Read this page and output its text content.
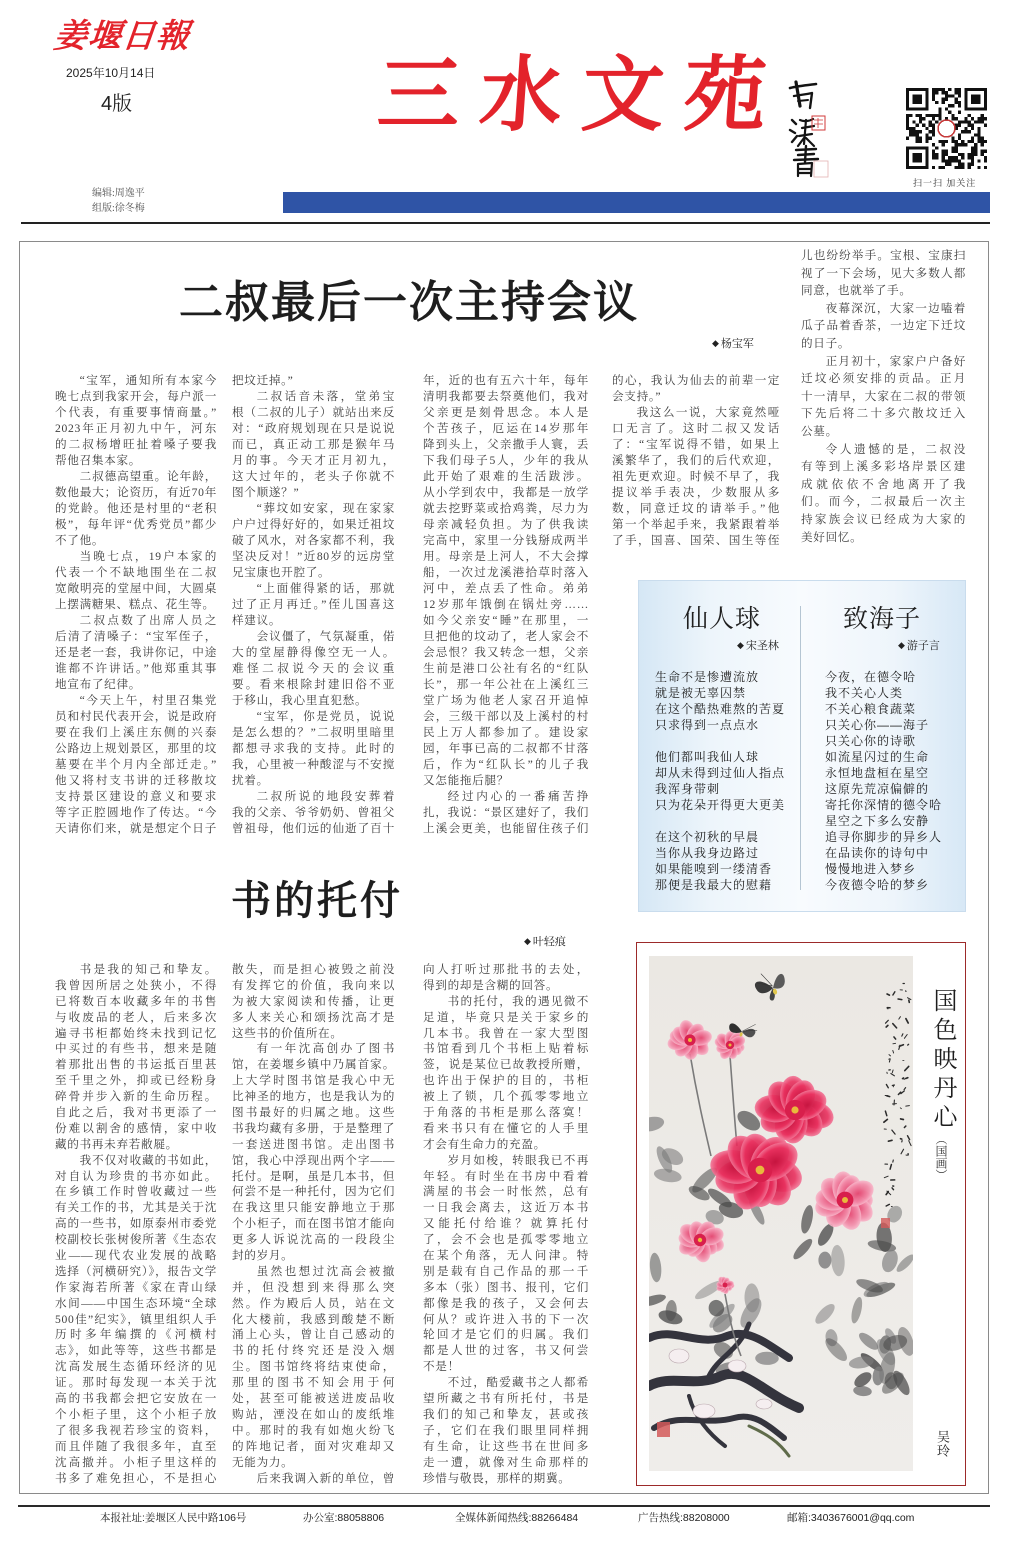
姜堰日報
2025年10月14日
4版	三水文苑
扫一扫 加关注
编辑:周逸平
组版:徐冬梅
二叔最后一次主持会议
◆ 杨宝军
“宝军，通知所有本家今
晚七点到我家开会，每户派一
个代表，有重要事情商量。”
2023年正月初九中午，河东
的二叔杨增旺扯着嗓子要我
帮他召集本家。
二叔德高望重。论年龄，
数他最大；论资历，有近70年
的党龄。他还是村里的“老积
极”，每年评“优秀党员”都少
不了他。
当晚七点，19户本家的
代表一个不缺地围坐在二叔
宽敞明亮的堂屋中间，大圆桌
上摆满糖果、糕点、花生等。
二叔点数了出席人员之
后清了清嗓子：“宝军侄子，
还是老一套，我讲你记，中途
谁都不许讲话。”他郑重其事
地宣布了纪律。
“今天上午，村里召集党
员和村民代表开会，说是政府
要在我们上溪庄东侧的兴泰
公路边上规划景区，那里的坟
墓要在半个月内全部迁走。”
他又将村支书讲的迁移散坟
支持景区建设的意义和要求
等字正腔圆地作了传达。“今
天请你们来，就是想定个日子
把坟迁掉。”
二叔话音未落，堂弟宝
根（二叔的儿子）就站出来反
对：“政府规划现在只是说说
而已，真正动工那是猴年马
月的事。今天才正月初九，
这大过年的，老头子你就不
图个顺遂？”
“葬坟如安家，现在家家
户户过得好好的，如果迁祖坟
破了风水，对各家都不利，我
坚决反对！”近80岁的远房堂
兄宝康也开腔了。
“上面催得紧的话，那就
过了正月再迁。”侄儿国喜这
样建议。
会议僵了，气氛凝重，偌
大的堂屋静得像空无一人。
难怪二叔说今天的会议重
要。看来根除封建旧俗不亚
于移山，我心里直犯愁。
“宝军，你是党员，说说
是怎么想的？”二叔明里暗里
都想寻求我的支持。此时的
我，心里被一种酸涩与不安搅
扰着。
二叔所说的地段安葬着
我的父亲、爷爷奶奶、曾祖父
曾祖母，他们远的仙逝了百十
年，近的也有五六十年，每年
清明我都要去祭奠他们，我对
父亲更是刻骨思念。本人是
个苦孩子，厄运在14岁那年
降到头上，父亲撒手人寰，丢
下我们母子5人，少年的我从
此开始了艰难的生活跋涉。
从小学到农中，我都是一放学
就去挖野菜或拾鸡粪，尽力为
母亲减轻负担。为了供我读
完高中，家里一分钱掰成两半
用。母亲是上河人，不大会撑
船，一次过龙溪港拾草时落入
河中，差点丢了性命。弟弟
12岁那年饿倒在锅灶旁……
如今父亲安“睡”在那里，一
旦把他的坟动了，老人家会不
会忌恨？我又转念一想，父亲
生前是港口公社有名的“红队
长”，那一年公社在上溪红三
堂广场为他老人家召开追悼
会，三级干部以及上溪村的村
民上万人都参加了。建设家
园，年事已高的二叔都不甘落
后，作为“红队长”的儿子我
又怎能拖后腿？
经过内心的一番痛苦挣
扎，我说：“景区建好了，我们
上溪会更美，也能留住孩子们
的心，我认为仙去的前辈一定
会支持。”
我这么一说，大家竟然哑
口无言了。这时二叔又发话
了：“宝军说得不错，如果上
溪繁华了，我们的后代欢迎，
祖先更欢迎。时候不早了，我
提议举手表决，少数服从多
数，同意迁坟的请举手。”他
第一个举起手来，我紧跟着举
了手，国喜、国荣、国生等侄
儿也纷纷举手。宝根、宝康扫
视了一下会场，见大多数人都
同意，也就举了手。
夜幕深沉，大家一边嗑着
瓜子品着香茶，一边定下迁坟
的日子。
正月初十，家家户户备好
迁坟必须安排的贡品。正月
十一清早，大家在二叔的带领
下先后将二十多穴散坟迁入
公墓。
令人遗憾的是，二叔没
有等到上溪多彩垎岸景区建
成就依依不舍地离开了我
们。而今，二叔最后一次主
持家族会议已经成为大家的
美好回忆。
仙人球
◆ 宋圣林
生命不是惨遭流放
就是被无辜囚禁
在这个酷热难熬的苦夏
只求得到一点点水
他们都叫我仙人球
却从未得到过仙人指点
我浑身带刺
只为花朵开得更大更美
在这个初秋的早晨
当你从我身边路过
如果能嗅到一缕清香
那便是我最大的慰藉
致海子
◆ 游子言
今夜，在德令哈
我不关心人类
不关心粮食蔬菜
只关心你——海子
只关心你的诗歌
如流星闪过的生命
永恒地盘桓在星空
这原先荒凉偏僻的
寄托你深情的德令哈
星空之下多么安静
追寻你脚步的异乡人
在品读你的诗句中
慢慢地进入梦乡
今夜德令哈的梦乡
书的托付
◆ 叶轻痕
书是我的知己和挚友。
我曾因所居之处狭小，不得
已将数百本收藏多年的书售
与收废品的老人，后来多次
遍寻书柜都始终未找到记忆
中买过的有些书，想来是随
着那批出售的书运抵百里甚
至千里之外，抑或已经粉身
碎骨并步入新的生命历程。
自此之后，我对书更添了一
份难以割舍的感情，家中收
藏的书再未弃若敝屣。
我不仅对收藏的书如此，
对自认为珍贵的书亦如此。
在乡镇工作时曾收藏过一些
有关工作的书，尤其是关于沈
高的一些书，如原泰州市委党
校副校长张树俊所著《生态农
业——现代农业发展的战略
选择（河横研究）》，报告文学
作家海若所著《家在青山绿
水间——中国生态环境“全球
500佳”纪实》，镇里组织人手
历时多年编撰的《河横村
志》，如此等等，这些书都是
沈高发展生态循环经济的见
证。那时每发现一本关于沈
高的书我都会把它安放在一
个小柜子里，这个小柜子放
了很多我视若珍宝的资料，
而且伴随了我很多年，直至
沈高撤并。小柜子里这样的
书多了难免担心，不是担心
散失，而是担心被毁之前没
有发挥它的价值，我向来以
为被大家阅读和传播，让更
多人来关心和颂扬沈高才是
这些书的价值所在。
有一年沈高创办了图书
馆，在姜堰乡镇中乃属首家。
上大学时图书馆是我心中无
比神圣的地方，也是我认为的
图书最好的归属之地。这些
书我均藏有多册，于是整理了
一套送进图书馆。走出图书
馆，我心中浮现出两个字——
托付。是啊，虽是几本书，但
何尝不是一种托付，因为它们
在我这里只能安静地立于那
个小柜子，而在图书馆才能向
更多人诉说沈高的一段段尘
封的岁月。
虽然也想过沈高会被撤
并，但没想到来得那么突
然。作为殿后人员，站在文
化大楼前，我感到酸楚不断
涌上心头，曾让自己感动的
书的托付终究还是没入烟
尘。图书馆终将结束使命，
那里的图书不知会用于何
处，甚至可能被送进废品收
购站，湮没在如山的废纸堆
中。那时的我有如炮火纷飞
的阵地记者，面对灾难却又
无能为力。
后来我调入新的单位，曾
向人打听过那批书的去处，
得到的却是含糊的回答。
书的托付，我的遇见微不
足道，毕竟只是关于家乡的
几本书。我曾在一家大型图
书馆看到几个书柜上贴着标
签，说是某位已故教授所赠，
也许出于保护的目的，书柜
被上了锁，几个孤零零地立
于角落的书柜是那么落寞！
看来书只有在懂它的人手里
才会有生命力的充盈。
岁月如梭，转眼我已不再
年轻。有时坐在书房中看着
满屋的书会一时怅然，总有
一日我会离去，这近万本书
又能托付给谁？就算托付
了，会不会也是孤零零地立
在某个角落，无人问津。特
别是载有自己作品的那一千
多本（张）图书、报刊，它们
都像是我的孩子，又会何去
何从？或许进入书的下一次
轮回才是它们的归属。我们
都是人世的过客，书又何尝
不是！
不过，酷爱藏书之人都希
望所藏之书有所托付，书是
我们的知己和挚友，甚或孩
子，它们在我们眼里同样拥
有生命，让这些书在世间多
走一遭，就像对生命那样的
珍惜与敬畏，那样的期冀。
国色映丹心
（国画）
吴玲
本报社址:姜堰区人民中路106号	办公室:88058806	全媒体新闻热线:88266484	广告热线:88208000	邮箱:3403676001@qq.com
